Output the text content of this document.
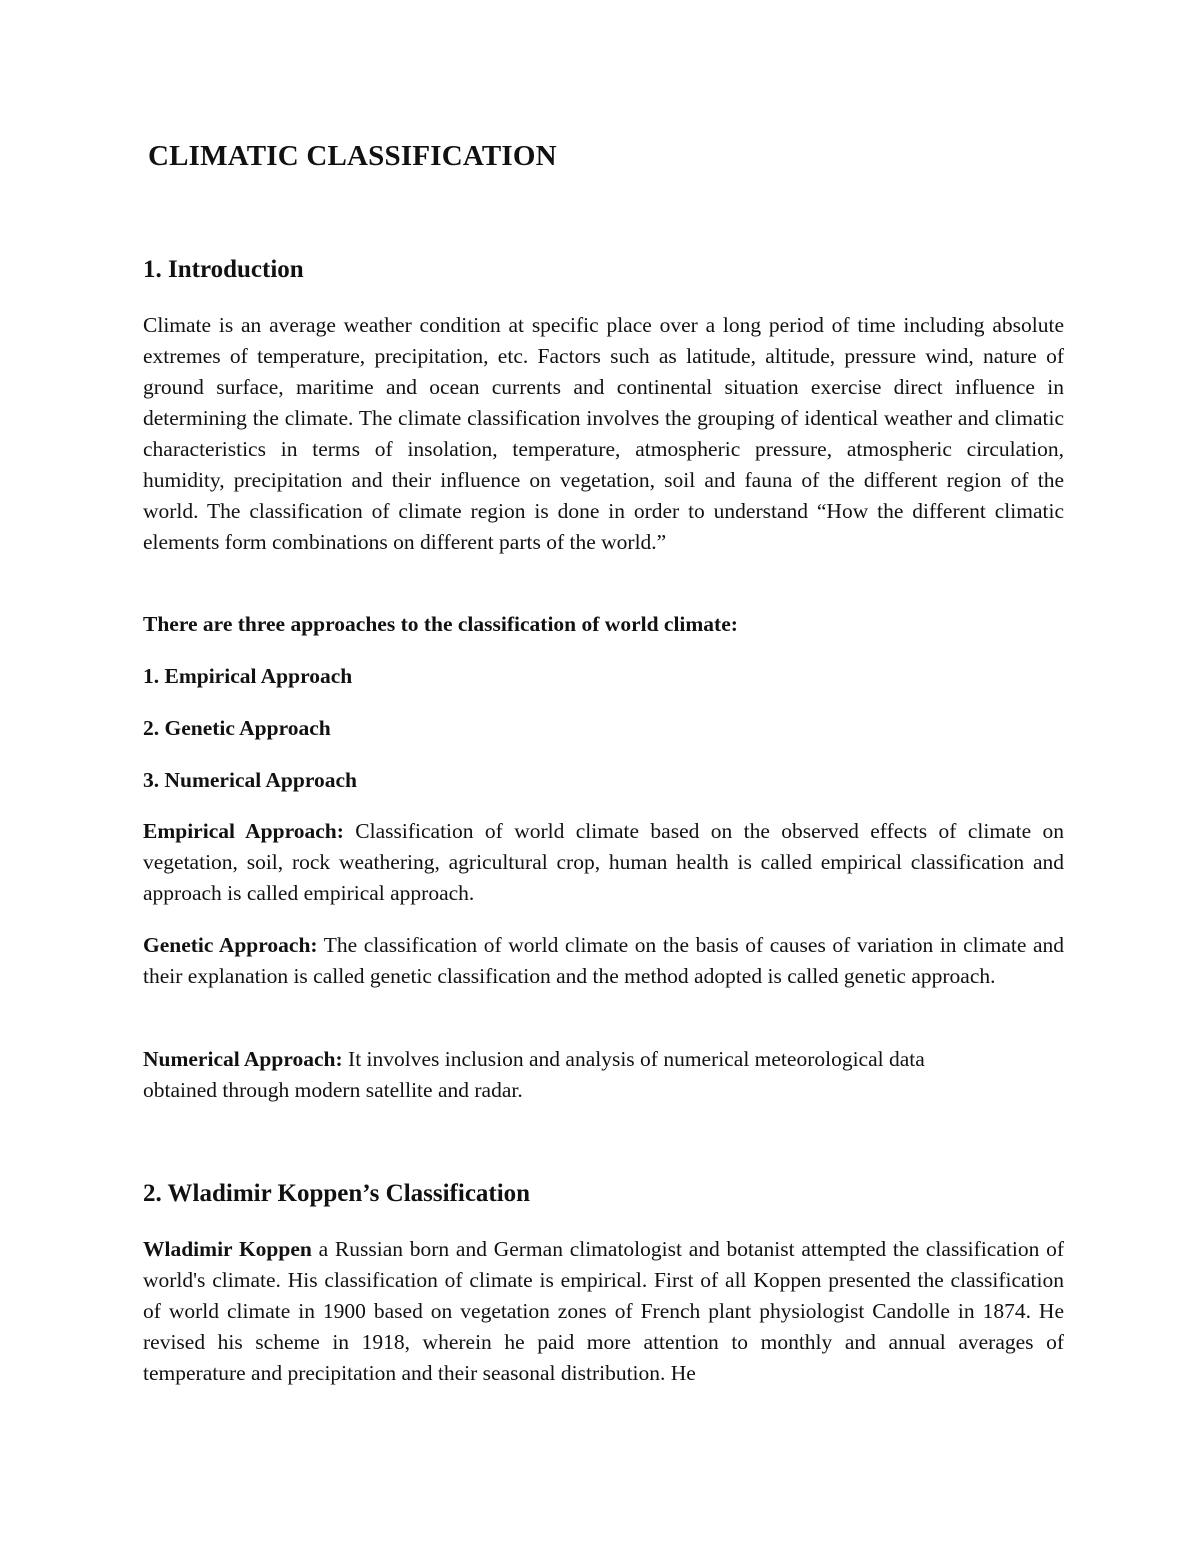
CLIMATIC CLASSIFICATION
1. Introduction

Climate is an average weather condition at specific place over a long period of time including absolute extremes of temperature, precipitation, etc. Factors such as latitude, altitude, pressure wind, nature of ground surface, maritime and ocean currents and continental situation exercise direct influence in determining the climate. The climate classification involves the grouping of identical weather and climatic characteristics in terms of insolation, temperature, atmospheric pressure, atmospheric circulation, humidity, precipitation and their influence on vegetation, soil and fauna of the different region of the world. The classification of climate region is done in order to understand “How the different climatic elements form combinations on different parts of the world.”

There are three approaches to the classification of world climate:

1. Empirical Approach

2. Genetic Approach

3. Numerical Approach

Empirical Approach: Classification of world climate based on the observed effects of climate on vegetation, soil, rock weathering, agricultural crop, human health is called empirical classification and approach is called empirical approach.

Genetic Approach: The classification of world climate on the basis of causes of variation in climate and their explanation is called genetic classification and the method adopted is called genetic approach.

Numerical Approach: It involves inclusion and analysis of numerical meteorological data
obtained through modern satellite and radar.

2. Wladimir Koppen’s Classification

Wladimir Koppen a Russian born and German climatologist and botanist attempted the classification of world's climate. His classification of climate is empirical. First of all Koppen presented the classification of world climate in 1900 based on vegetation zones of French plant physiologist Candolle in 1874. He revised his scheme in 1918, wherein he paid more attention to monthly and annual averages of temperature and precipitation and their seasonal distribution. He
